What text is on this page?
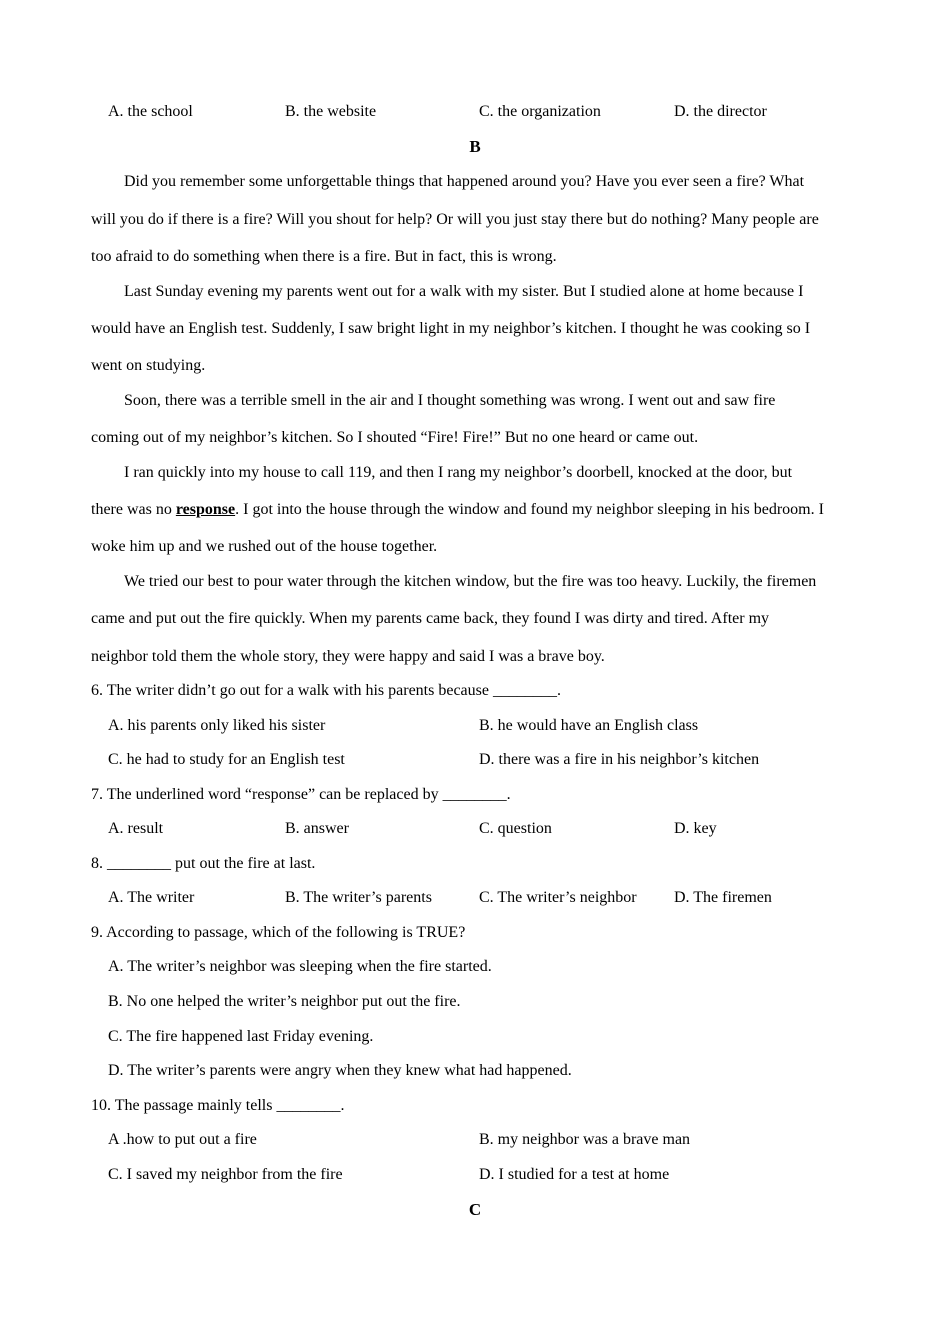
A. the school	B. the website	C. the organization	D. the director
B
Did you remember some unforgettable things that happened around you? Have you ever seen a fire? What
will you do if there is a fire? Will you shout for help? Or will you just stay there but do nothing? Many people are
too afraid to do something when there is a fire. But in fact, this is wrong.
Last Sunday evening my parents went out for a walk with my sister. But I studied alone at home because I
would have an English test. Suddenly, I saw bright light in my neighbor’s kitchen. I thought he was cooking so I
went on studying.
Soon, there was a terrible smell in the air and I thought something was wrong. I went out and saw fire
coming out of my neighbor’s kitchen. So I shouted “Fire! Fire!” But no one heard or came out.
I ran quickly into my house to call 119, and then I rang my neighbor’s doorbell, knocked at the door, but
there was no response. I got into the house through the window and found my neighbor sleeping in his bedroom. I
woke him up and we rushed out of the house together.
We tried our best to pour water through the kitchen window, but the fire was too heavy. Luckily, the firemen
came and put out the fire quickly. When my parents came back, they found I was dirty and tired. After my
neighbor told them the whole story, they were happy and said I was a brave boy.
6. The writer didn’t go out for a walk with his parents because ________.
A. his parents only liked his sister	B. he would have an English class
C. he had to study for an English test	D. there was a fire in his neighbor’s kitchen
7. The underlined word “response” can be replaced by ________.
A. result	B. answer	C. question	D. key
8. ________ put out the fire at last.
A. The writer	B. The writer’s parents	C. The writer’s neighbor D. The firemen
9. According to passage, which of the following is TRUE?
A. The writer’s neighbor was sleeping when the fire started.
B. No one helped the writer’s neighbor put out the fire.
C. The fire happened last Friday evening.
D. The writer’s parents were angry when they knew what had happened.
10. The passage mainly tells ________.
A .how to put out a fire	B. my neighbor was a brave man
C. I saved my neighbor from the fire	D. I studied for a test at home
C
